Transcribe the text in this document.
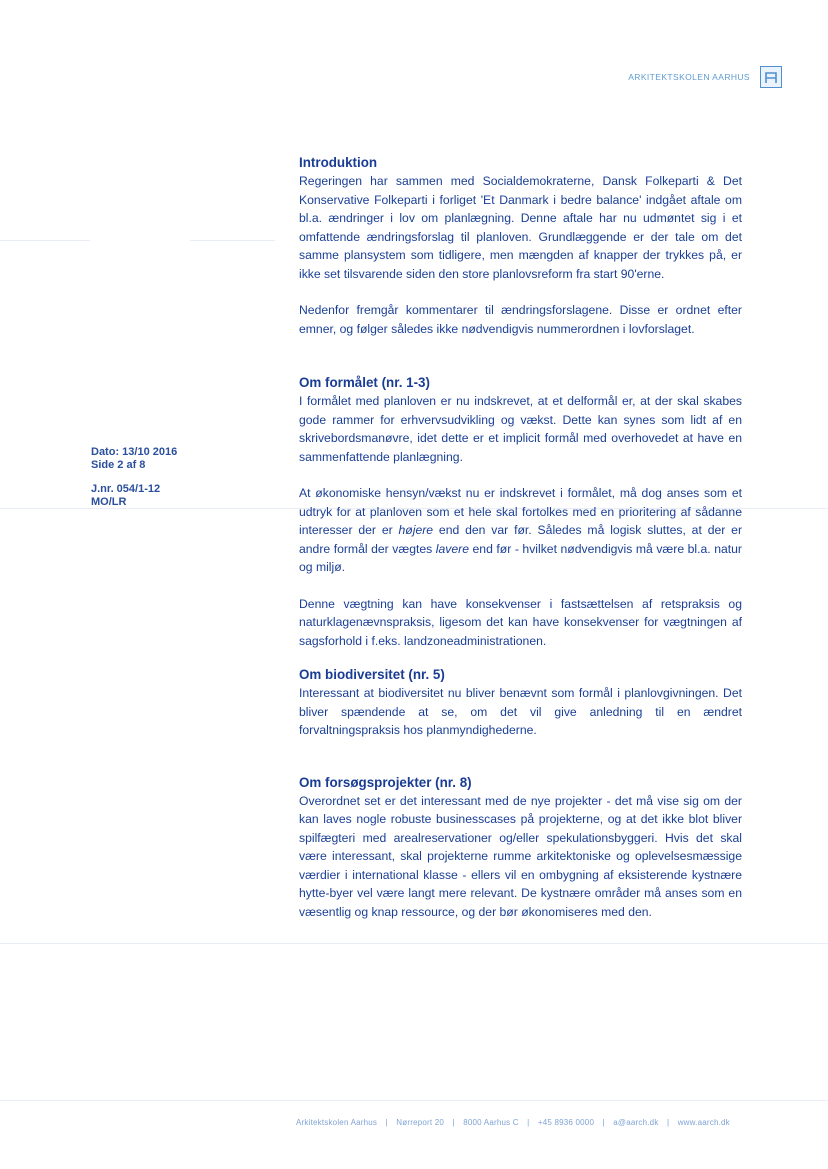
ARKITEKTSKOLEN AARHUS
Dato: 13/10 2016
Side 2 af 8
J.nr. 054/1-12
MO/LR
Introduktion

Regeringen har sammen med Socialdemokraterne, Dansk Folkeparti & Det Konservative Folkeparti i forliget 'Et Danmark i bedre balance' indgået aftale om bl.a. ændringer i lov om planlægning. Denne aftale har nu udmøntet sig i et omfattende ændringsforslag til planloven. Grundlæggende er der tale om det samme plansystem som tidligere, men mængden af knapper der trykkes på, er ikke set tilsvarende siden den store planlovsreform fra start 90'erne.

Nedenfor fremgår kommentarer til ændringsforslagene. Disse er ordnet efter emner, og følger således ikke nødvendigvis nummerordnen i lovforslaget.

Om formålet (nr. 1-3)

I formålet med planloven er nu indskrevet, at et delformål er, at der skal skabes gode rammer for erhvervsudvikling og vækst. Dette kan synes som lidt af en skrivebordsmanøvre, idet dette er et implicit formål med overhovedet at have en sammenfattende planlægning.

At økonomiske hensyn/vækst nu er indskrevet i formålet, må dog anses som et udtryk for at planloven som et hele skal fortolkes med en prioritering af sådanne interesser der er højere end den var før. Således må logisk sluttes, at der er andre formål der vægtes lavere end før - hvilket nødvendigvis må være bl.a. natur og miljø.

Denne vægtning kan have konsekvenser i fastsættelsen af retspraksis og naturklagenævnspraksis, ligesom det kan have konsekvenser for vægtningen af sagsforhold i f.eks. landzoneadministrationen.

Om biodiversitet (nr. 5)

Interessant at biodiversitet nu bliver benævnt som formål i planlovgivningen. Det bliver spændende at se, om det vil give anledning til en ændret forvaltningspraksis hos planmyndighederne.

Om forsøgsprojekter (nr. 8)

Overordnet set er det interessant med de nye projekter - det må vise sig om der kan laves nogle robuste businesscases på projekterne, og at det ikke blot bliver spilfægteri med arealreservationer og/eller spekulationsbyggeri. Hvis det skal være interessant, skal projekterne rumme arkitektoniske og oplevelsesmæssige værdier i international klasse - ellers vil en ombygning af eksisterende kystnære hytte-byer vel være langt mere relevant. De kystnære områder må anses som en væsentlig og knap ressource, og der bør økonomiseres med den.

Arkitektskolen Aarhus | Nørreport 20 | 8000 Aarhus C | +45 8936 0000 | a@aarch.dk | www.aarch.dk
